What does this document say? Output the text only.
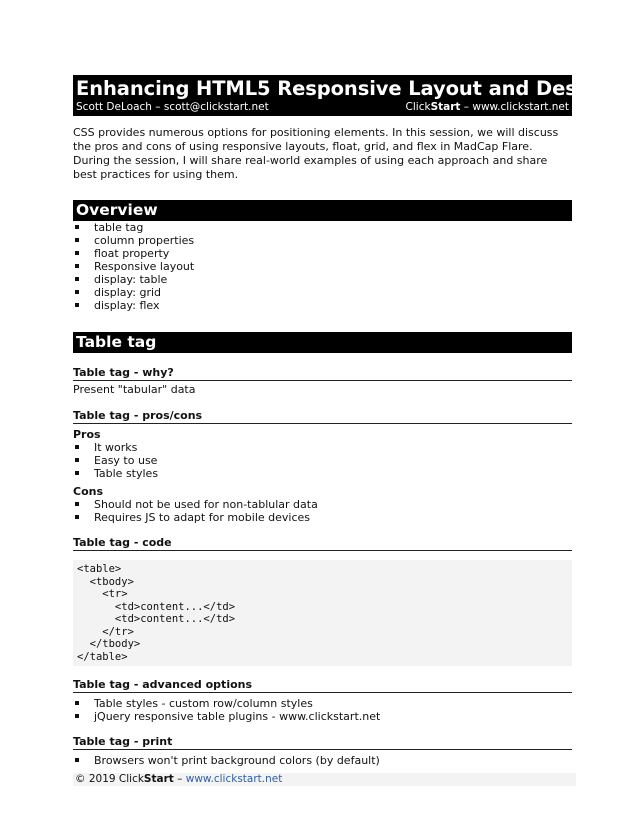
Enhancing HTML5 Responsive Layout and Design
Scott DeLoach – scott@clickstart.net	ClickStart – www.clickstart.net
CSS provides numerous options for positioning elements. In this session, we will discuss the pros and cons of using responsive layouts, float, grid, and flex in MadCap Flare. During the session, I will share real-world examples of using each approach and share best practices for using them.
Overview
table tag
column properties
float property
Responsive layout
display: table
display: grid
display: flex
Table tag
Table tag - why?
Present "tabular" data
Table tag - pros/cons
Pros
It works
Easy to use
Table styles
Cons
Should not be used for non-tablular data
Requires JS to adapt for mobile devices
Table tag - code
<table>
<tbody>
<tr>
<td>content...</td>
<td>content...</td>
</tr>
</tbody>
</table>
Table tag - advanced options
Table styles - custom row/column styles
jQuery responsive table plugins - www.clickstart.net
Table tag - print
Browsers won't print background colors (by default)
© 2019 ClickStart – www.clickstart.net
